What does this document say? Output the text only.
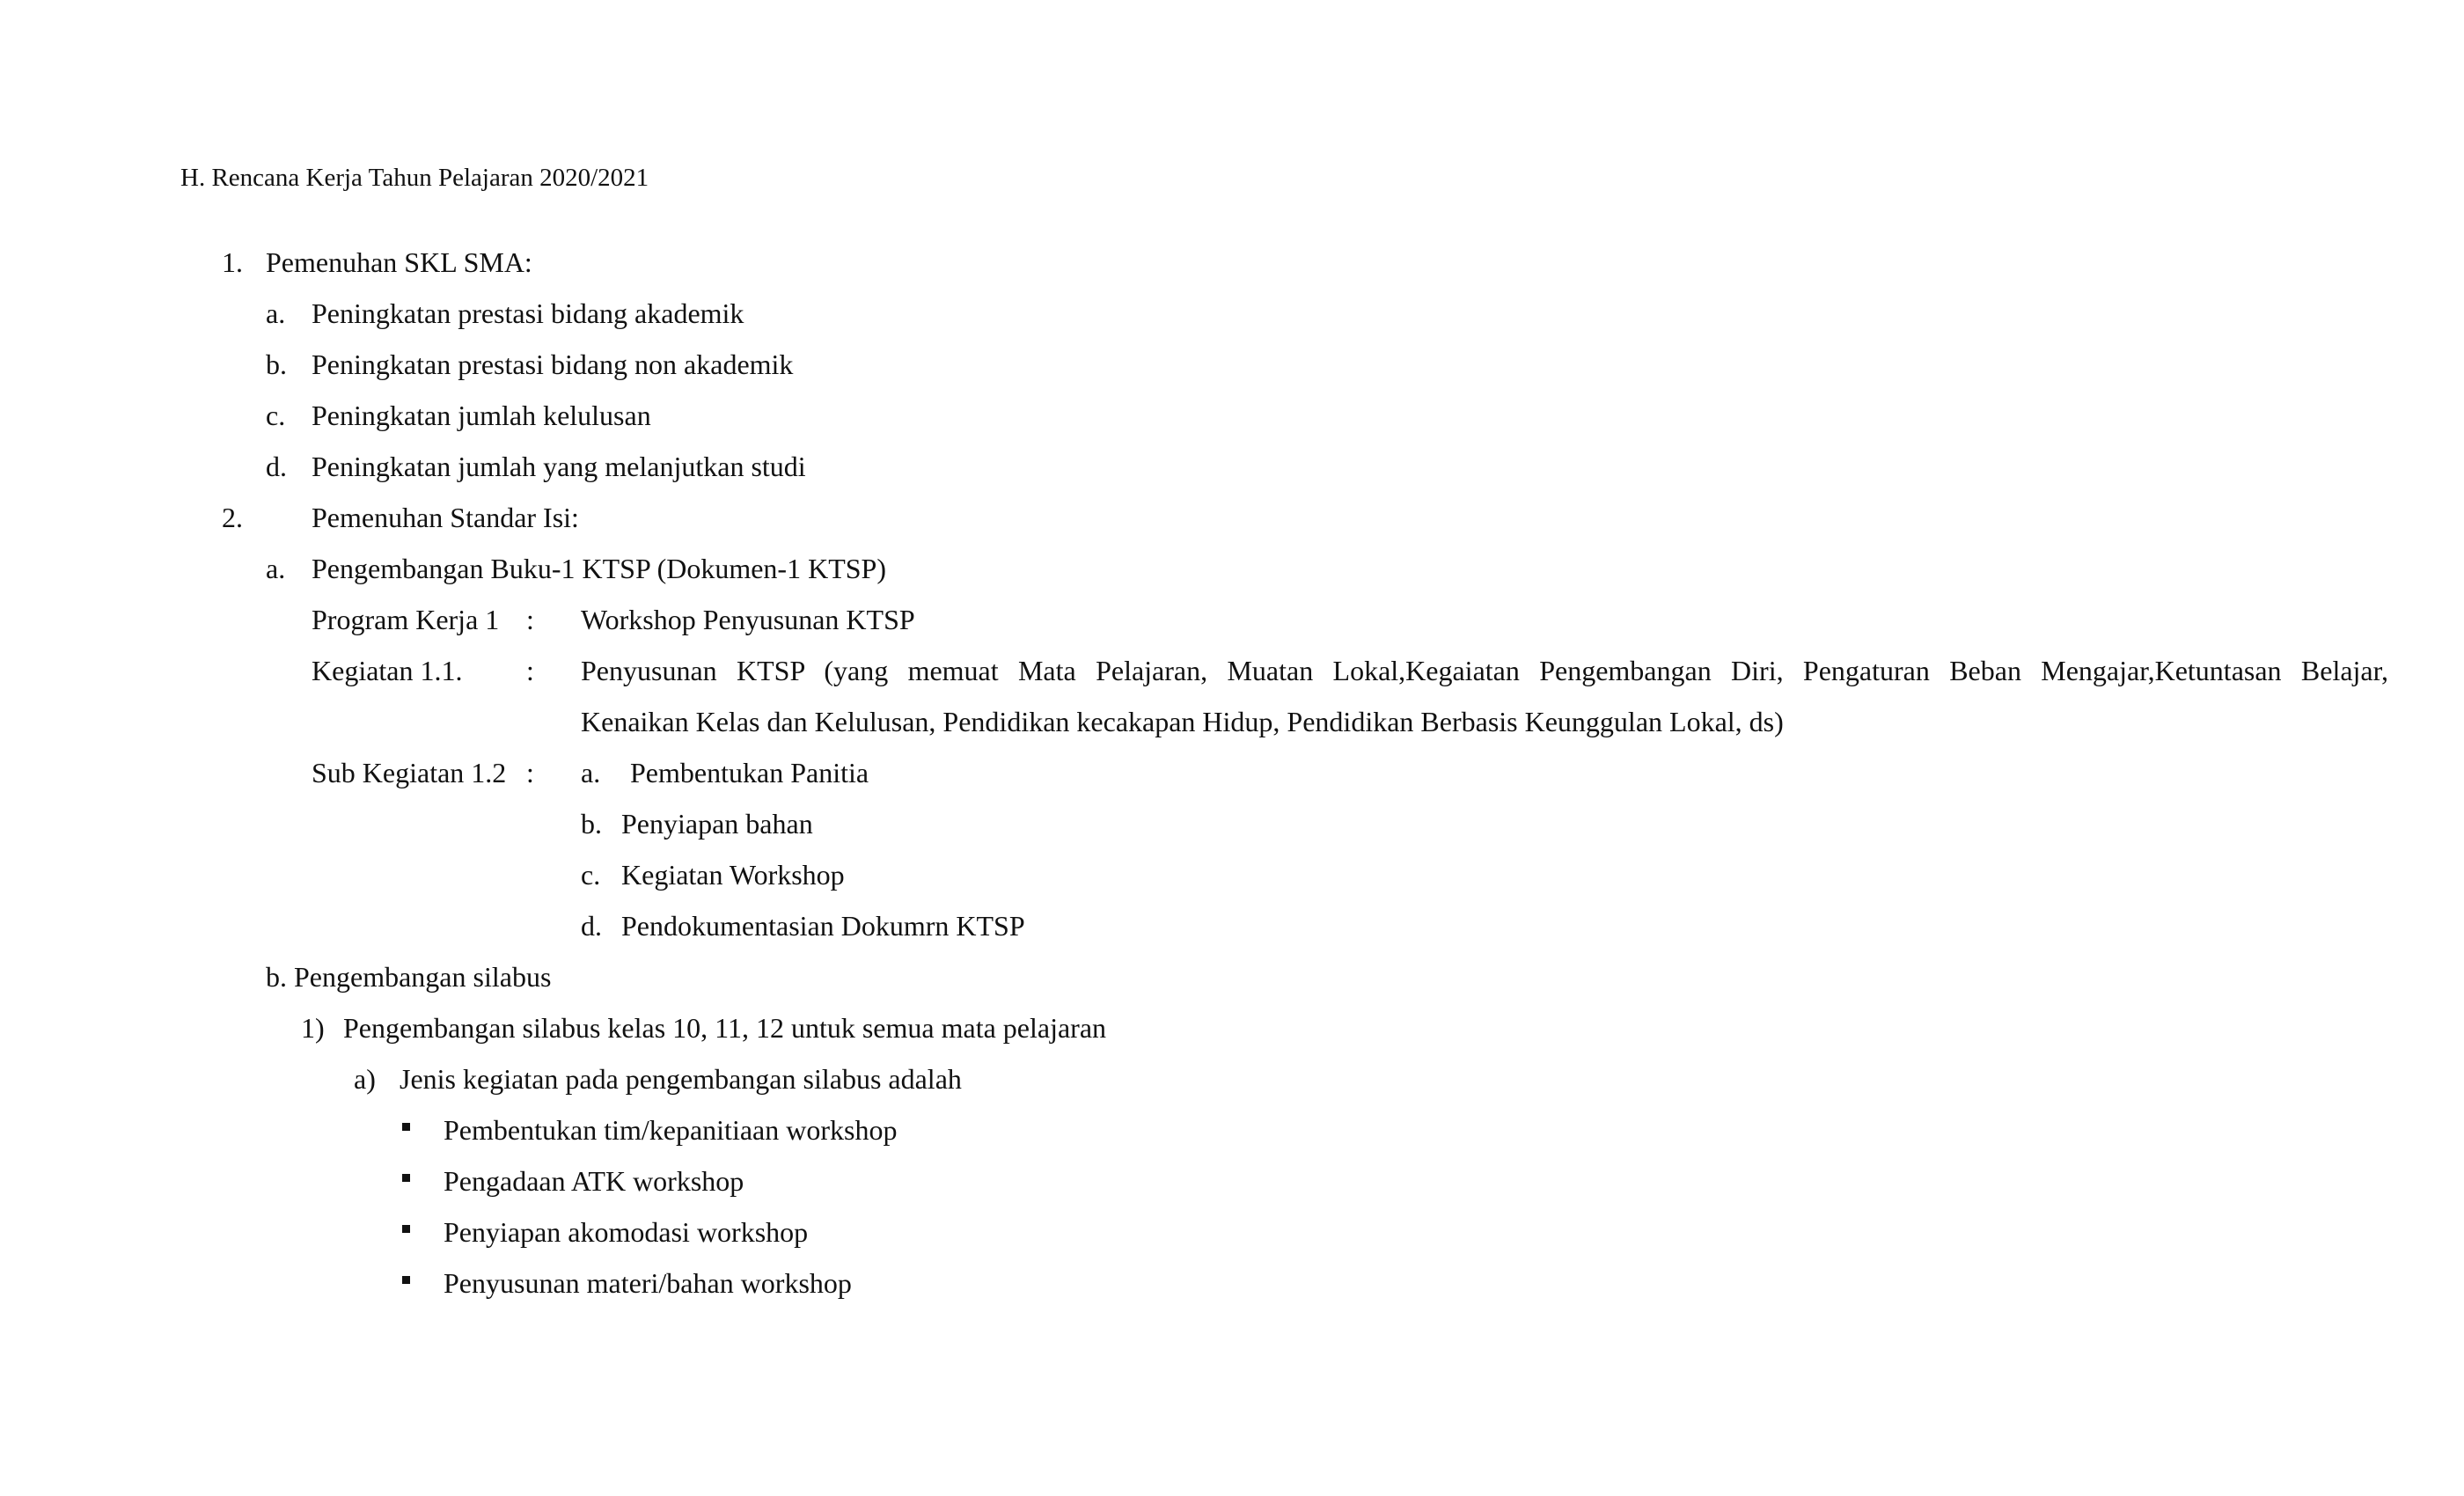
H. Rencana Kerja Tahun Pelajaran 2020/2021
1. Pemenuhan SKL SMA:
a. Peningkatan prestasi bidang akademik
b. Peningkatan prestasi bidang non akademik
c. Peningkatan jumlah kelulusan
d. Peningkatan jumlah yang melanjutkan studi
2. Pemenuhan Standar Isi:
a. Pengembangan Buku-1 KTSP (Dokumen-1 KTSP)
Program Kerja 1 : Workshop Penyusunan KTSP
Kegiatan 1.1. : Penyusunan KTSP (yang memuat Mata Pelajaran, Muatan Lokal,Kegaiatan Pengembangan Diri, Pengaturan Beban Mengajar,Ketuntasan Belajar,
Kenaikan Kelas dan Kelulusan, Pendidikan kecakapan Hidup, Pendidikan Berbasis Keunggulan Lokal, ds)
Sub Kegiatan 1.2 : a. Pembentukan Panitia
b. Penyiapan bahan
c. Kegiatan Workshop
d. Pendokumentasian Dokumrn KTSP
b. Pengembangan silabus
1) Pengembangan silabus kelas 10, 11, 12 untuk semua mata pelajaran
a) Jenis kegiatan pada pengembangan silabus adalah
Pembentukan tim/kepanitiaan workshop
Pengadaan ATK workshop
Penyiapan akomodasi workshop
Penyusunan materi/bahan workshop
